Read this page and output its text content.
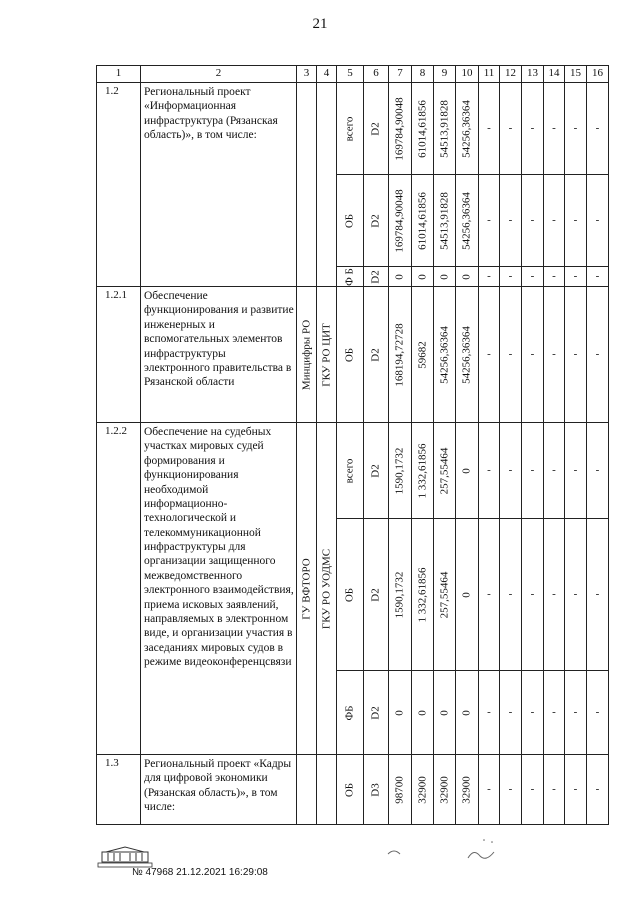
21
1	2	3	4	5	6	7	8	9	10	11	12	13	14	15	16
1.2	Региональный проект «Информационная инфраструктура (Рязанская область)», в том числе:			всего	D2	169784,90048	61014,61856	54513,91828	54256,36364	-	-	-	-	-	-

				ОБ	D2	169784,90048	61014,61856	54513,91828	54256,36364	-	-	-	-	-	-

				Ф Б	D2	0	0	0	0	-	-	-	-	-	-
1.2.1	Обеспечение функционирования и развитие инженерных и вспомогательных элементов инфраструктуры электронного правительства в Рязанской области	Минцифры РО	ГКУ РО ЦИТ	ОБ	D2	168194,72728	59682	54256,36364	54256,36364	-	-	-	-	-	-
1.2.2	Обеспечение на судебных участках мировых судей формирования и функционирования необходимой информационно-технологической и телекоммуникационной инфраструктуры для организации защищенного межведомственного электронного взаимодействия, приема исковых заявлений, направляемых в электронном виде, и организации участия в заседаниях мировых судов в режиме видеоконференцсвязи	ГУ ВФТОРО	ГКУ РО УОДМС	всего	D2	1590,1732	1 332,61856	257,55464	0	-	-	-	-	-	-

				ОБ	D2	1590,1732	1 332,61856	257,55464	0	-	-	-	-	-	-

				ФБ	D2	0	0	0	0	-	-	-	-	-	-
1.3	Региональный проект «Кадры для цифровой экономики (Рязанская область)», в том числе:			ОБ	D3	98700	32900	32900	32900	-	-	-	-	-	-
№ 47968 21.12.2021 16:29:08
